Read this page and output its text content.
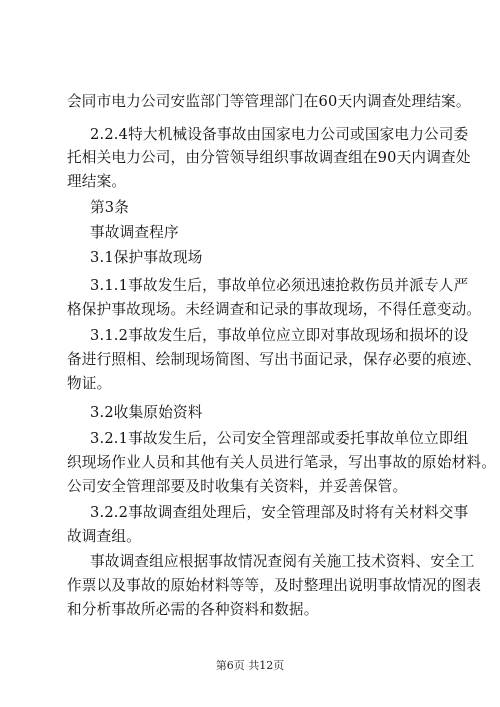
会同市电力公司安监部门等管理部门在60天内调查处理结案。
2.2.4特大机械设备事故由国家电力公司或国家电力公司委
托相关电力公司，由分管领导组织事故调查组在90天内调查处
理结案。
第3条
事故调查程序
3.1保护事故现场
3.1.1事故发生后，事故单位必须迅速抢救伤员并派专人严
格保护事故现场。未经调查和记录的事故现场，不得任意变动。
3.1.2事故发生后，事故单位应立即对事故现场和损坏的设
备进行照相、绘制现场简图、写出书面记录，保存必要的痕迹、
物证。
3.2收集原始资料
3.2.1事故发生后，公司安全管理部或委托事故单位立即组
织现场作业人员和其他有关人员进行笔录，写出事故的原始材料。
公司安全管理部要及时收集有关资料，并妥善保管。
3.2.2事故调查组处理后，安全管理部及时将有关材料交事
故调查组。
事故调查组应根据事故情况查阅有关施工技术资料、安全工
作票以及事故的原始材料等等，及时整理出说明事故情况的图表
和分析事故所必需的各种资料和数据。
第6页 共12页
